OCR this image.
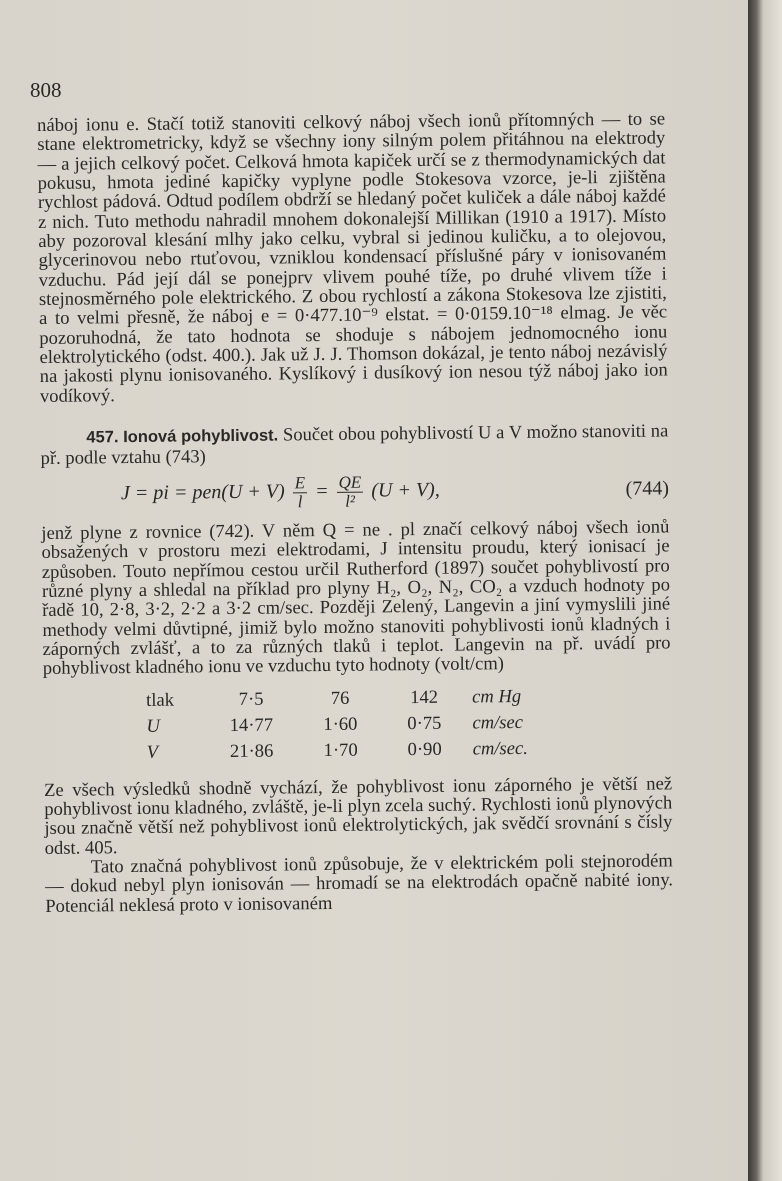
808

náboj ionu e. Stačí totiž stanoviti celkový náboj všech ionů přítomných — to se stane elektrometricky, když se všechny iony silným polem přitáhnou na elektrody — a jejich celkový počet. Celková hmota kapiček určí se z thermodynamických dat pokusu, hmota jediné kapičky vyplyne podle Stokesova vzorce, je-li zjištěna rychlost pádová. Odtud podílem obdrží se hledaný počet kuliček a dále náboj každé z nich. Tuto methodu nahradil mnohem dokonalejší Millikan (1910 a 1917). Místo aby pozoroval klesání mlhy jako celku, vybral si jedinou kuličku, a to olejovou, glycerinovou nebo rtuťovou, vzniklou kondensací příslušné páry v ionisovaném vzduchu. Pád její dál se ponejprv vlivem pouhé tíže, po druhé vlivem tíže i stejnosměrného pole elektrického. Z obou rychlostí a zákona Stokesova lze zjistiti, a to velmi přesně, že náboj e = 0·477.10⁻⁹ elstat. = 0·0159.10⁻¹⁸ elmag. Je věc pozoruhodná, že tato hodnota se shoduje s nábojem jednomocného ionu elektrolytického (odst. 400.). Jak už J. J. Thomson dokázal, je tento náboj nezávislý na jakosti plynu ionisovaného. Kyslíkový i dusíkový ion nesou týž náboj jako ion vodíkový.

457. Ionová pohyblivost. Součet obou pohyblivostí U a V možno stanoviti na př. podle vztahu (743)

J = pi = $pen(U + V) \frac{E}{l} = \frac{QE}{\text{l²}} (U + V)$,	(744)

jenž plyne z rovnice (742). V něm Q = ne . pl značí celkový náboj všech ionů obsažených v prostoru mezi elektrodami, J intensitu proudu, který ionisací je způsoben. Touto nepřímou cestou určil Rutherford (1897) součet pohyblivostí pro různé plyny a shledal na příklad pro plyny H₂, O₂, N₂, CO₂ a vzduch hodnoty po řadě 10, 2·8, 3·2, 2·2 a 3·2 cm/sec. Později Zelený, Langevin a jiní vymyslili jiné methody velmi důvtipné, jimiž bylo možno stanoviti pohyblivosti ionů kladných i záporných zvlášť, a to za různých tlaků i teplot. Langevin na př. uvádí pro pohyblivost kladného ionu ve vzduchu tyto hodnoty (volt/cm)

tlak	7·5	76	142	cm Hg
U	14·77	1·60	0·75	cm/sec
V	21·86	1·70	0·90	cm/sec.

Ze všech výsledků shodně vychází, že pohyblivost ionu záporného je větší než pohyblivost ionu kladného, zvláště, je-li plyn zcela suchý. Rychlosti ionů plynových jsou značně větší než pohyblivost ionů elektrolytických, jak svědčí srovnání s čísly odst. 405.

Tato značná pohyblivost ionů způsobuje, že v elektrickém poli stejnorodém — dokud nebyl plyn ionisován — hromadí se na elektrodách opačně nabité iony. Potenciál neklesá proto v ionisovaném
